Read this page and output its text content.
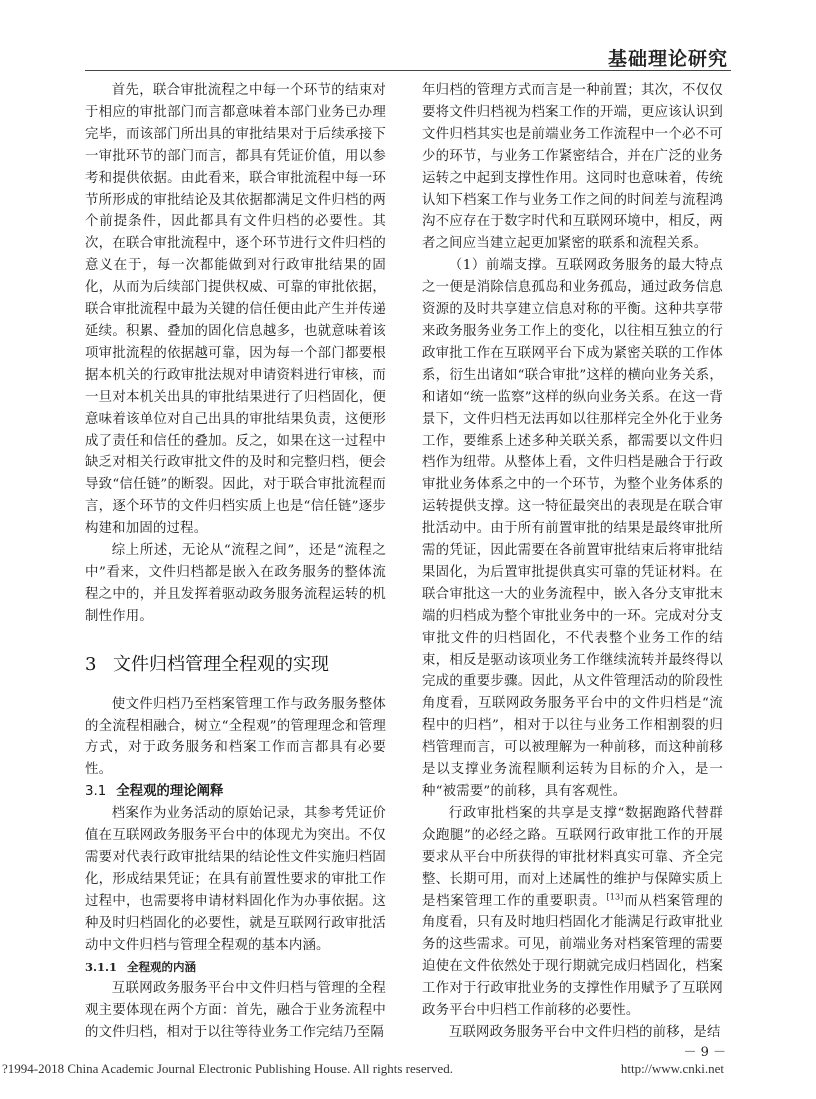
基础理论研究

首先，联合审批流程之中每一个环节的结束对于相应的审批部门而言都意味着本部门业务已办理完毕，而该部门所出具的审批结果对于后续承接下一审批环节的部门而言，都具有凭证价值，用以参考和提供依据。由此看来，联合审批流程中每一环节所形成的审批结论及其依据都满足文件归档的两个前提条件，因此都具有文件归档的必要性。其次，在联合审批流程中，逐个环节进行文件归档的意义在于，每一次都能做到对行政审批结果的固化，从而为后续部门提供权威、可靠的审批依据，联合审批流程中最为关键的信任便由此产生并传递延续。积累、叠加的固化信息越多，也就意味着该项审批流程的依据越可靠，因为每一个部门都要根据本机关的行政审批法规对申请资料进行审核，而一旦对本机关出具的审批结果进行了归档固化，便意味着该单位对自己出具的审批结果负责，这便形成了责任和信任的叠加。反之，如果在这一过程中缺乏对相关行政审批文件的及时和完整归档，便会导致“信任链”的断裂。因此，对于联合审批流程而言，逐个环节的文件归档实质上也是“信任链”逐步构建和加固的过程。

综上所述，无论从“流程之间”，还是“流程之中”看来，文件归档都是嵌入在政务服务的整体流程之中的，并且发挥着驱动政务服务流程运转的机制性作用。

3 文件归档管理全程观的实现

使文件归档乃至档案管理工作与政务服务整体的全流程相融合，树立“全程观”的管理理念和管理方式，对于政务服务和档案工作而言都具有必要性。

3.1 全程观的理论阐释

档案作为业务活动的原始记录，其参考凭证价值在互联网政务服务平台中的体现尤为突出。不仅需要对代表行政审批结果的结论性文件实施归档固化，形成结果凭证；在具有前置性要求的审批工作过程中，也需要将申请材料固化作为办事依据。这种及时归档固化的必要性，就是互联网行政审批活动中文件归档与管理全程观的基本内涵。

3.1.1 全程观的内涵

互联网政务服务平台中文件归档与管理的全程观主要体现在两个方面：首先，融合于业务流程中的文件归档，相对于以往等待业务工作完结乃至隔

年归档的管理方式而言是一种前置；其次，不仅仅要将文件归档视为档案工作的开端，更应该认识到文件归档其实也是前端业务工作流程中一个必不可少的环节，与业务工作紧密结合，并在广泛的业务运转之中起到支撑性作用。这同时也意味着，传统认知下档案工作与业务工作之间的时间差与流程鸿沟不应存在于数字时代和互联网环境中，相反，两者之间应当建立起更加紧密的联系和流程关系。

（1）前端支撑。互联网政务服务的最大特点之一便是消除信息孤岛和业务孤岛，通过政务信息资源的及时共享建立信息对称的平衡。这种共享带来政务服务业务工作上的变化，以往相互独立的行政审批工作在互联网平台下成为紧密关联的工作体系，衍生出诸如“联合审批”这样的横向业务关系，和诸如“统一监察”这样的纵向业务关系。在这一背景下，文件归档无法再如以往那样完全外化于业务工作，要维系上述多种关联关系，都需要以文件归档作为纽带。从整体上看，文件归档是融合于行政审批业务体系之中的一个环节，为整个业务体系的运转提供支撑。这一特征最突出的表现是在联合审批活动中。由于所有前置审批的结果是最终审批所需的凭证，因此需要在各前置审批结束后将审批结果固化，为后置审批提供真实可靠的凭证材料。在联合审批这一大的业务流程中，嵌入各分支审批末端的归档成为整个审批业务中的一环。完成对分支审批文件的归档固化，不代表整个业务工作的结束，相反是驱动该项业务工作继续流转并最终得以完成的重要步骤。因此，从文件管理活动的阶段性角度看，互联网政务服务平台中的文件归档是“流程中的归档”，相对于以往与业务工作相割裂的归档管理而言，可以被理解为一种前移，而这种前移是以支撑业务流程顺利运转为目标的介入，是一种“被需要”的前移，具有客观性。

行政审批档案的共享是支撑“数据跑路代替群众跑腿”的必经之路。互联网行政审批工作的开展要求从平台中所获得的审批材料真实可靠、齐全完整、长期可用，而对上述属性的维护与保障实质上是档案管理工作的重要职责。[13]而从档案管理的角度看，只有及时地归档固化才能满足行政审批业务的这些需求。可见，前端业务对档案管理的需要迫使在文件依然处于现行期就完成归档固化，档案工作对于行政审批业务的支撑性作用赋予了互联网政务平台中归档工作前移的必要性。

互联网政务服务平台中文件归档的前移，是结

－ 9 －
?1994-2018 China Academic Journal Electronic Publishing House. All rights reserved.	http://www.cnki.net
